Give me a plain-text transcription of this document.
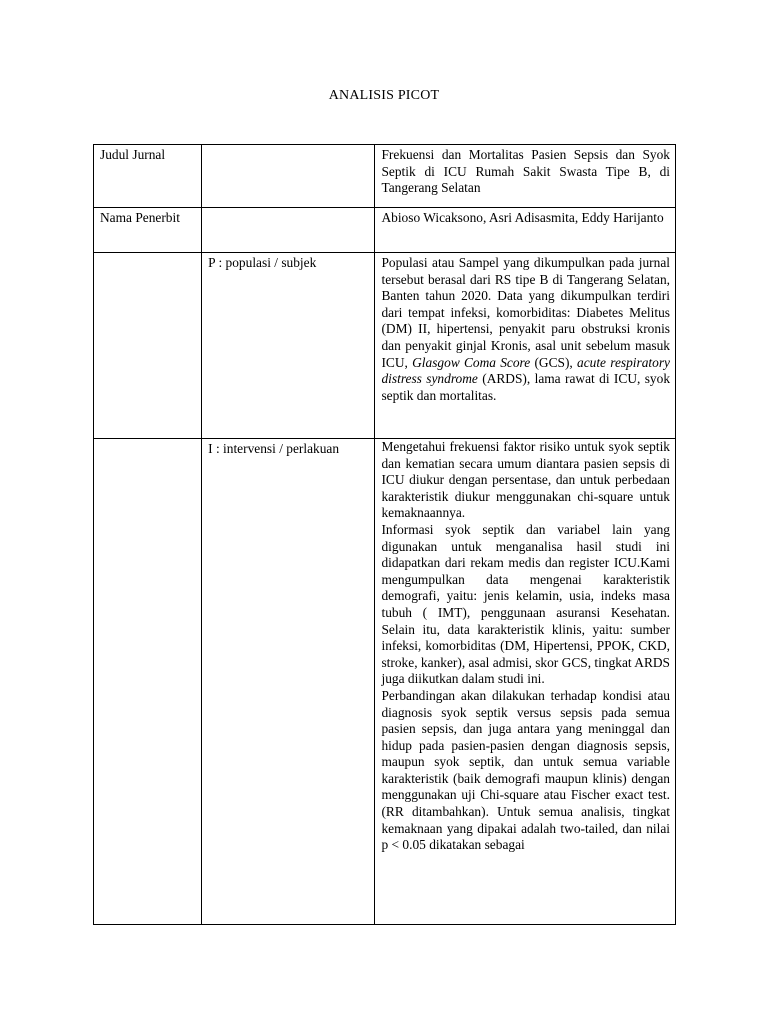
ANALISIS PICOT
Judul Jurnal		Frekuensi dan Mortalitas Pasien Sepsis dan Syok Septik di ICU Rumah Sakit Swasta Tipe B, di Tangerang Selatan

Nama Penerbit		Abioso Wicaksono, Asri Adisasmita, Eddy Harijanto

	P : populasi / subjek	Populasi atau Sampel yang dikumpulkan pada jurnal tersebut berasal dari RS tipe B di Tangerang Selatan, Banten tahun 2020. Data yang dikumpulkan terdiri dari tempat infeksi, komorbiditas: Diabetes Melitus (DM) II, hipertensi, penyakit paru obstruksi kronis dan penyakit ginjal Kronis, asal unit sebelum masuk ICU, Glasgow Coma Score (GCS), acute respiratory distress syndrome (ARDS), lama rawat di ICU, syok septik dan mortalitas.

	I : intervensi / perlakuan	Mengetahui frekuensi faktor risiko untuk syok septik dan kematian secara umum diantara pasien sepsis di ICU diukur dengan persentase, dan untuk perbedaan karakteristik diukur menggunakan chi-square untuk kemaknaannya.

Informasi syok septik dan variabel lain yang digunakan untuk menganalisa hasil studi ini didapatkan dari rekam medis dan register ICU.Kami mengumpulkan data mengenai karakteristik demografi, yaitu: jenis kelamin, usia, indeks masa tubuh ( IMT), penggunaan asuransi Kesehatan. Selain itu, data karakteristik klinis, yaitu: sumber infeksi, komorbiditas (DM, Hipertensi, PPOK, CKD, stroke, kanker), asal admisi, skor GCS, tingkat ARDS juga diikutkan dalam studi ini.

Perbandingan akan dilakukan terhadap kondisi atau diagnosis syok septik versus sepsis pada semua pasien sepsis, dan juga antara yang meninggal dan hidup pada pasien-pasien dengan diagnosis sepsis, maupun syok septik, dan untuk semua variable karakteristik (baik demografi maupun klinis) dengan menggunakan uji Chi-square atau Fischer exact test. (RR ditambahkan). Untuk semua analisis, tingkat kemaknaan yang dipakai adalah two-tailed, dan nilai p < 0.05 dikatakan sebagai
